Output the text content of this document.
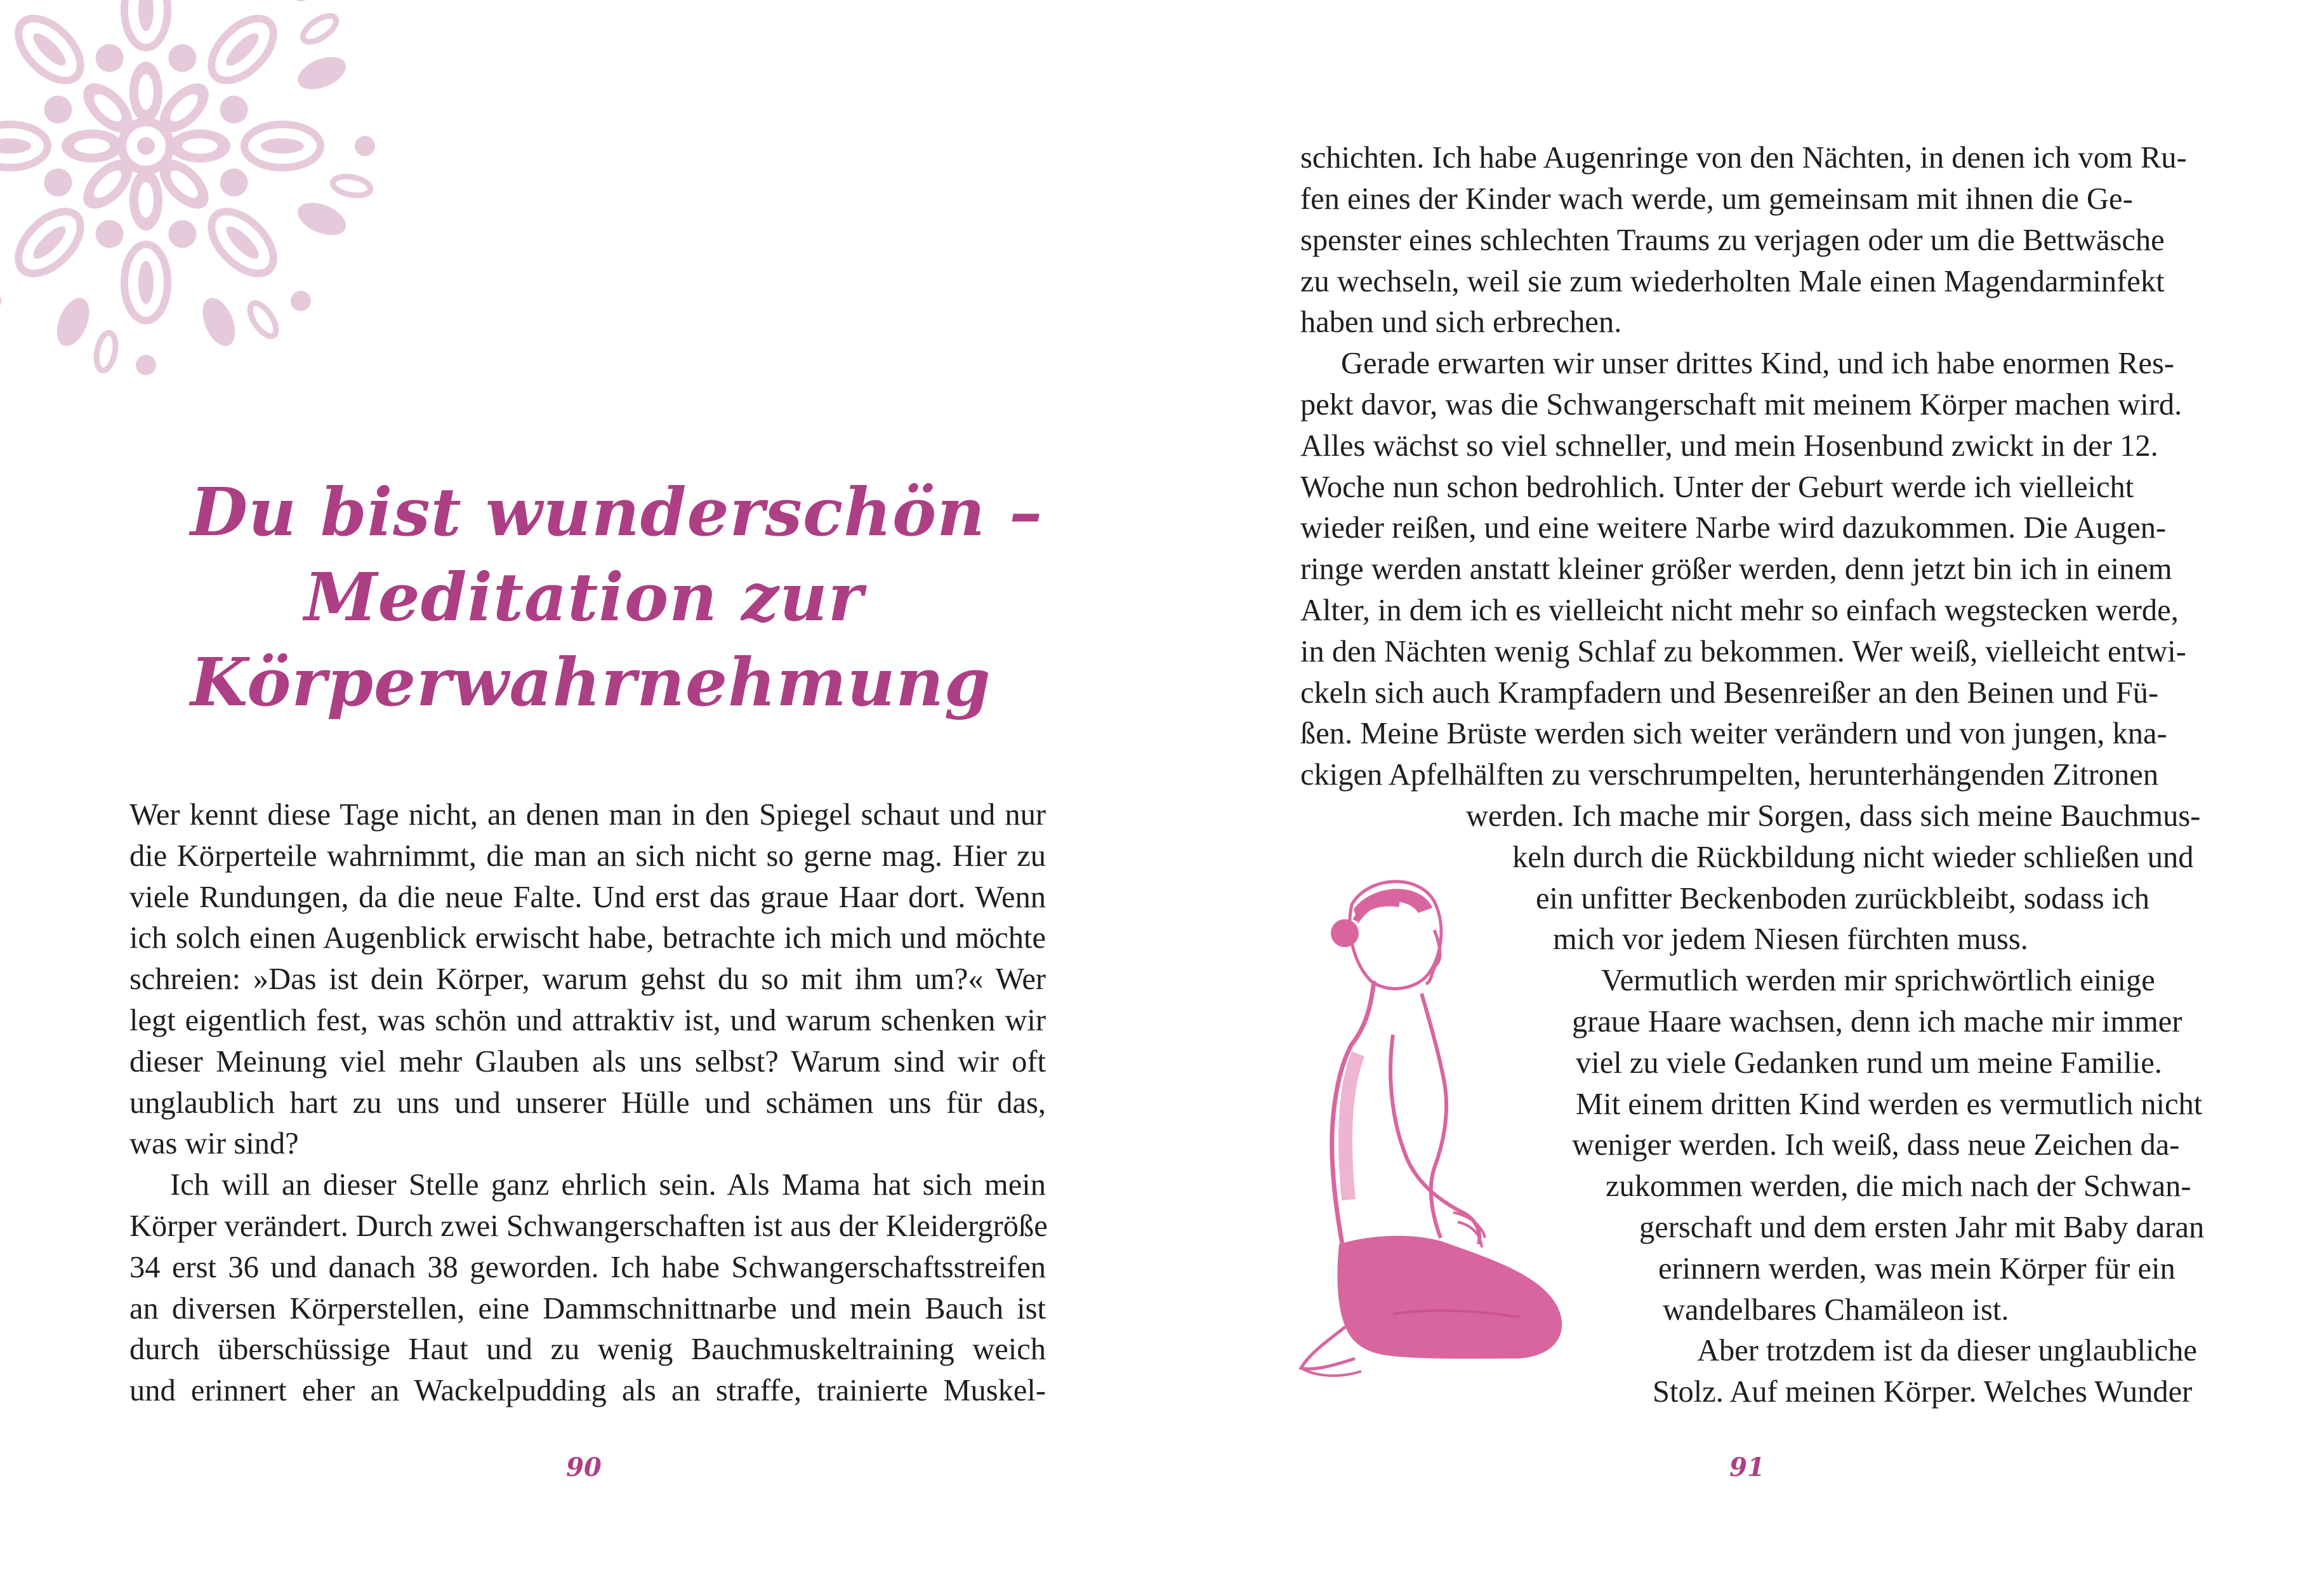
Du bist wunderschön –
Meditation zur
Körperwahrnehmung
Wer kennt diese Tage nicht, an denen man in den Spiegel schaut und nur
die Körperteile wahrnimmt, die man an sich nicht so gerne mag. Hier zu
viele Rundungen, da die neue Falte. Und erst das graue Haar dort. Wenn
ich solch einen Augenblick erwischt habe, betrachte ich mich und möchte
schreien: »Das ist dein Körper, warum gehst du so mit ihm um?« Wer
legt eigentlich fest, was schön und attraktiv ist, und warum schenken wir
dieser Meinung viel mehr Glauben als uns selbst? Warum sind wir oft
unglaublich hart zu uns und unserer Hülle und schämen uns für das,
was wir sind?
Ich will an dieser Stelle ganz ehrlich sein. Als Mama hat sich mein
Körper verändert. Durch zwei Schwangerschaften ist aus der Kleidergröße
34 erst 36 und danach 38 geworden. Ich habe Schwangerschaftsstreifen
an diversen Körperstellen, eine Dammschnittnarbe und mein Bauch ist
durch überschüssige Haut und zu wenig Bauchmuskeltraining weich
und erinnert eher an Wackelpudding als an straffe, trainierte Muskel-
90
schichten. Ich habe Augenringe von den Nächten, in denen ich vom Ru-
fen eines der Kinder wach werde, um gemeinsam mit ihnen die Ge-
spenster eines schlechten Traums zu verjagen oder um die Bettwäsche
zu wechseln, weil sie zum wiederholten Male einen Magendarminfekt
haben und sich erbrechen.
Gerade erwarten wir unser drittes Kind, und ich habe enormen Res-
pekt davor, was die Schwangerschaft mit meinem Körper machen wird.
Alles wächst so viel schneller, und mein Hosenbund zwickt in der 12.
Woche nun schon bedrohlich. Unter der Geburt werde ich vielleicht
wieder reißen, und eine weitere Narbe wird dazukommen. Die Augen-
ringe werden anstatt kleiner größer werden, denn jetzt bin ich in einem
Alter, in dem ich es vielleicht nicht mehr so einfach wegstecken werde,
in den Nächten wenig Schlaf zu bekommen. Wer weiß, vielleicht entwi-
ckeln sich auch Krampfadern und Besenreißer an den Beinen und Fü-
ßen. Meine Brüste werden sich weiter verändern und von jungen, kna-
ckigen Apfelhälften zu verschrumpelten, herunterhängenden Zitronen
werden. Ich mache mir Sorgen, dass sich meine Bauchmus-
keln durch die Rückbildung nicht wieder schließen und
ein unfitter Beckenboden zurückbleibt, sodass ich
mich vor jedem Niesen fürchten muss.
Vermutlich werden mir sprichwörtlich einige
graue Haare wachsen, denn ich mache mir immer
viel zu viele Gedanken rund um meine Familie.
Mit einem dritten Kind werden es vermutlich nicht
weniger werden. Ich weiß, dass neue Zeichen da-
zukommen werden, die mich nach der Schwan-
gerschaft und dem ersten Jahr mit Baby daran
erinnern werden, was mein Körper für ein
wandelbares Chamäleon ist.
Aber trotzdem ist da dieser unglaubliche
Stolz. Auf meinen Körper. Welches Wunder
91
